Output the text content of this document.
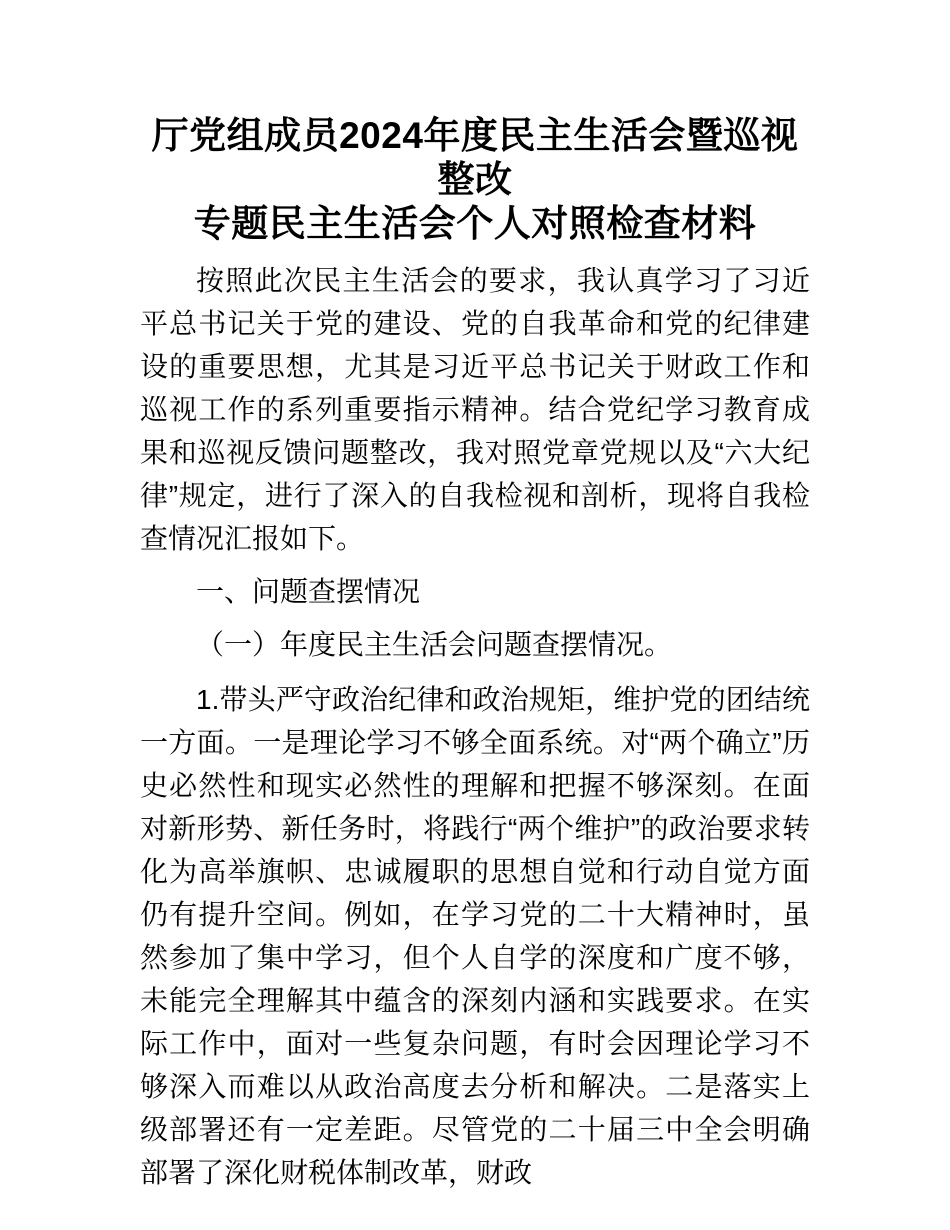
厅党组成员2024年度民主生活会暨巡视整改
专题民主生活会个人对照检查材料

按照此次民主生活会的要求，我认真学习了习近平总书记关于党的建设、党的自我革命和党的纪律建设的重要思想，尤其是习近平总书记关于财政工作和巡视工作的系列重要指示精神。结合党纪学习教育成果和巡视反馈问题整改，我对照党章党规以及“六大纪律”规定，进行了深入的自我检视和剖析，现将自我检查情况汇报如下。

一、问题查摆情况

（一）年度民主生活会问题查摆情况。

1.带头严守政治纪律和政治规矩，维护党的团结统一方面。一是理论学习不够全面系统。对“两个确立”历史必然性和现实必然性的理解和把握不够深刻。在面对新形势、新任务时，将践行“两个维护”的政治要求转化为高举旗帜、忠诚履职的思想自觉和行动自觉方面仍有提升空间。例如，在学习党的二十大精神时，虽然参加了集中学习，但个人自学的深度和广度不够，未能完全理解其中蕴含的深刻内涵和实践要求。在实际工作中，面对一些复杂问题，有时会因理论学习不够深入而难以从政治高度去分析和解决。二是落实上级部署还有一定差距。尽管党的二十届三中全会明确部署了深化财税体制改革，财政
